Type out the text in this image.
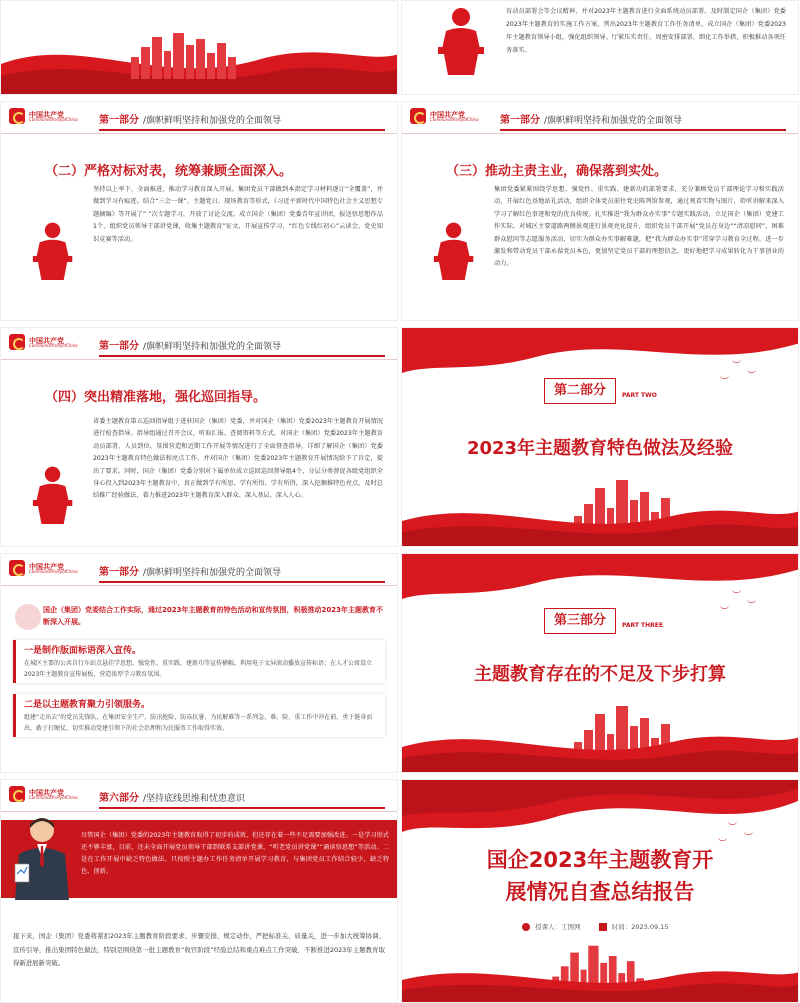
育动员部署会等会议精神，并对2023年主题教育进行全面系统动员部署。及时制定国企（集团）党委2023年主题教育的实施工作方案，列出2023年主题教育工作任务清单，成立国企（集团）党委2023年主题教育领导小组，强化组织领导、厅紧压实责任、周密安排部署、细化工作举措，积极推动各项任务落实。
中国共产党
CommunistPartyofChina 第一部分 /旗帜鲜明坚持和加强党的全面领导
（二）严格对标对表，统筹兼顾全面深入。
坚持以上率下、全面推进，推动学习教育深入开展。集团党员干部做到本指定学习材料逐订“全覆盖”，并做到学习有痕迹。结合“三会一课”、主题党日、现场教育等形式，《习近平新时代中国特色社会主义思想专题摘编》等开展了“ ”次专题学习，开放了讨论交流。成立国企（集团）党委青年宣讲团，报送悟思想作品1个，组织党员领导干部讲党课，收集主题教育”征文，开展宣传学习、“红色专线红初心”云读会、党史知识竞赛等活动。
中国共产党
CommunistPartyofChina 第一部分 /旗帜鲜明坚持和加强党的全面领导
（三）推动主责主业，确保落到实处。
集团党委紧紧围绕学思想、强党性、重实践、建新功的部署要求，充分兼顾党员干部理论学习和实践活动，开展红色基地站礼活动，组织全体党员前往党史陈列馆参观，通过观看实物与图片，聆听讲解来深入学习了解红色事迹和党的优良传统。扎实推进“我为群众办实事”专题实践活动，立足国企（集团）党建工作实际，对城区主要道路两侧景观进行景观亮化提升，组织党员干部开展“党员在身边”“清凉慰问”，困难群众慰问等志愿服务活动，切实为群众办实事解难题，把“我为群众办实事”贯穿学习教育全过程。进一步激发和带动党员干部永葆党员本色，更加坚定党员干部的理想信念，更好地把学习成果转化为干事创业的动力。
中国共产党
CommunistPartyofChina 第一部分 /旗帜鲜明坚持和加强党的全面领导
（四）突出精准落地，强化巡回指导。
省委主题教育第五巡回指导组于进驻国企（集团）党委，并对国企（集团）党委2023年主题教育开展情况进行检查指导。指导组通过召开会议、听取汇报、查阅资料等方式，对国企（集团）党委2023年主题教育动员部署、人员到位、氛围营造和近期工作开展等情况进行了全面督查指导，详细了解国企（集团）党委2023年主题教育特色做法和亮点工作，并对国企（集团）党委2023年主题教育开展情况给予了肯定，提出了要求。同时，国企（集团）党委分别对下属单位成立巡回巡回督导组4个，分层分类督促各级党组织全身心投入到2023年主题教育中，真正做到学有所思、学有所悟、学有所得，深入挖掘推特色亮点，及时总结推广经验做法，着力推进2023年主题教育深入群众、深入基层、深入人心。
︶
︶
︶
第二部分	PART TWO
2023年主题教育特色做法及经验
中国共产党
CommunistPartyofChina 第一部分 /旗帜鲜明坚持和加强党的全面领导
国企（集团）党委结合工作实际，通过2023年主题教育的特色活动和宣传氛围，积极推动2023年主题教育不断深入开展。
一是制作版面标语深入宣传。
在城区主要的公共自行车站点悬挂学思想、强党性、重实践、建新功等宣传横幅，利用电子文屏滚动播放宣传标语；在人才公寓设立2023年主题教育宣传展板，营造浓厚学习教育氛围。
二是以主题教育聚力引领服务。
组建“走出去”的党员先锋队，在集团安全生产、防汛抢险、防冻抗暑、为民解难等一系列急、难、险、重工作中冲在前，勇于挺身而出，敢于打硬仗，切实推动党建引领下的社会治理和为民服务工作取得实效。
︶
︶
︶
第三部分	PART THREE
主题教育存在的不足及下步打算
中国共产党
CommunistPartyofChina 第六部分 /坚持底线思维和忧患意识
尽管国企（集团）党委的2023年主题教育取得了初步的成效，但还存在着一些不足需要加强改进。一是学习形式还不够丰富，目前，还未全面开展党员领导干部到联系支部讲党课、“听老党员讲党课”“诵读悟思想”等活动。二是在工作开展中缺乏特色做法。只按照主题办工作任务清单开展学习教育，与集团党员工作结合较少，缺乏特色、创新。
接下来，国企（集团）党委将紧扣2023年主题教育阶段要求、步骤安排、规定动作，严把标准关、质量关，进一步加大统筹协调、宣传引导，推出集团特色做法，特别是围绕第一批主题教育“收官阶段”经验总结和重点难点工作突破，不断推进2023年主题教育取得新进展新突破。
︶
︶
︶
国企2023年主题教育开
展情况自查总结报告
授课人：工图网	时间：2023.09.15
